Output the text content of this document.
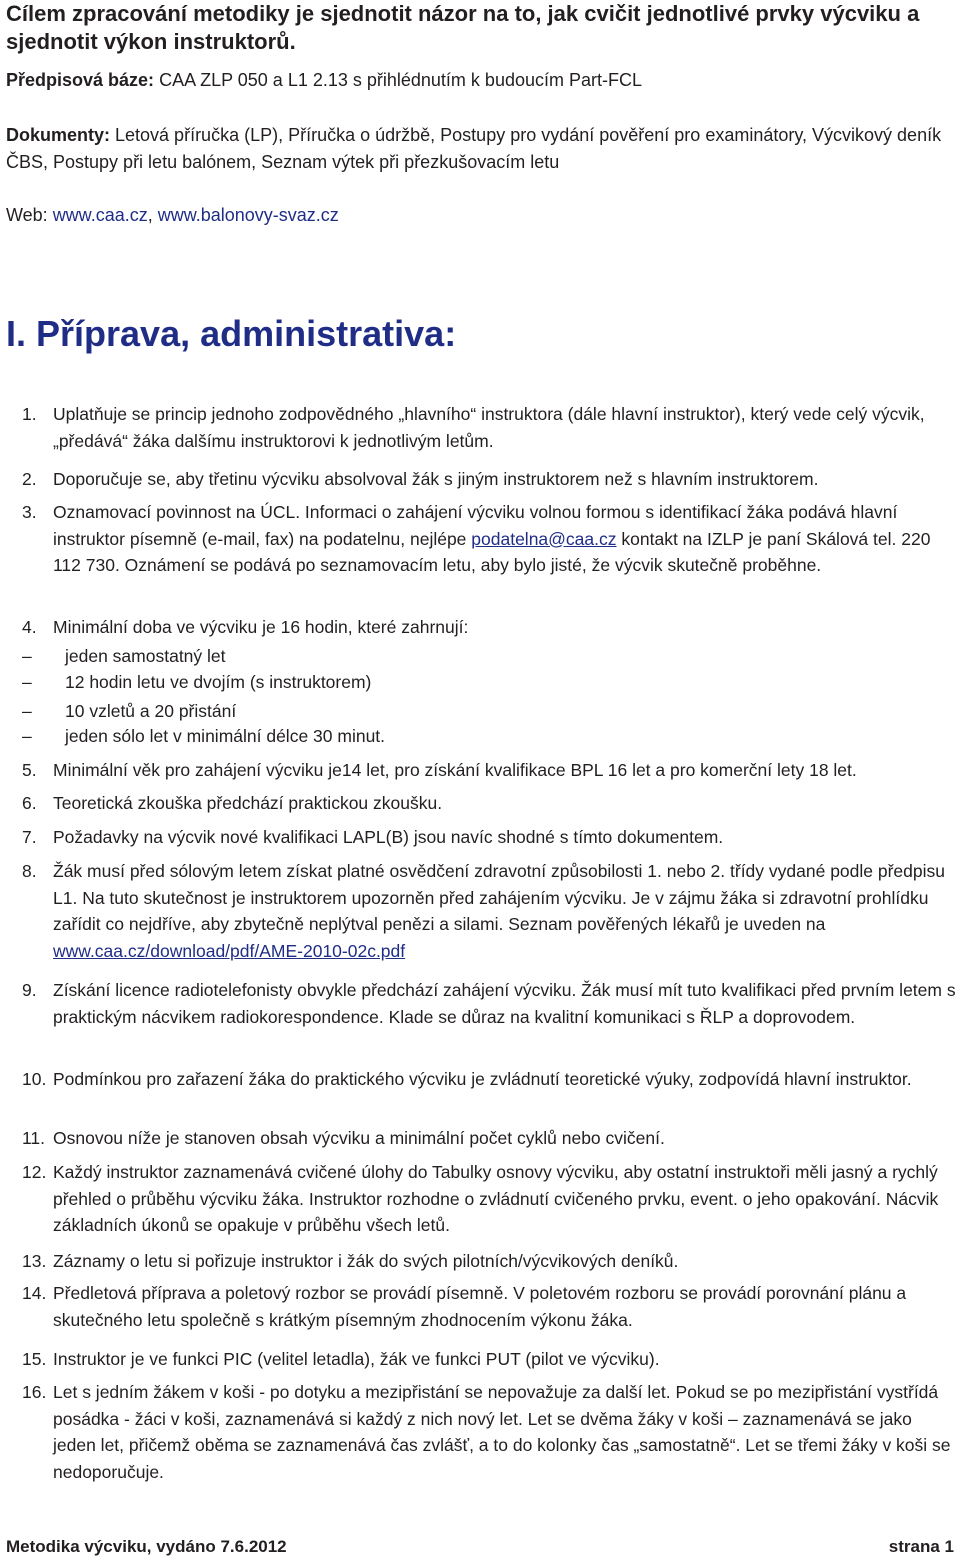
Cílem zpracování metodiky je sjednotit názor na to, jak cvičit jednotlivé prvky výcviku a sjednotit výkon instruktorů.

Předpisová báze: CAA ZLP 050 a L1 2.13 s přihlédnutím k budoucím Part-FCL

Dokumenty: Letová příručka (LP), Příručka o údržbě, Postupy pro vydání pověření pro examinátory, Výcvikový deník ČBS, Postupy při letu balónem, Seznam výtek při přezkušovacím letu

Web: www.caa.cz, www.balonovy-svaz.cz

I. Příprava, administrativa:
1. Uplatňuje se princip jednoho zodpovědného „hlavního“ instruktora (dále hlavní instruktor), který vede celý výcvik, „předává“ žáka dalšímu instruktorovi k jednotlivým letům.
2. Doporučuje se, aby třetinu výcviku absolvoval žák s jiným instruktorem než s hlavním instruktorem.
3. Oznamovací povinnost na ÚCL. Informaci o zahájení výcviku volnou formou s identifikací žáka podává hlavní instruktor písemně (e-mail, fax) na podatelnu, nejlépe podatelna@caa.cz kontakt na IZLP je paní Skálová tel. 220 112 730. Oznámení se podává po seznamovacím letu, aby bylo jisté, že výcvik skutečně proběhne.
4. Minimální doba ve výcviku je 16 hodin, které zahrnují:
– jeden samostatný let
– 12 hodin letu ve dvojím (s instruktorem)
– 10 vzletů a 20 přistání
– jeden sólo let v minimální délce 30 minut.
5. Minimální věk pro zahájení výcviku je14 let, pro získání kvalifikace BPL 16 let a pro komerční lety 18 let.
6. Teoretická zkouška předchází praktickou zkoušku.
7. Požadavky na výcvik nové kvalifikaci LAPL(B) jsou navíc shodné s tímto dokumentem.
8. Žák musí před sólovým letem získat platné osvědčení zdravotní způsobilosti 1. nebo 2. třídy vydané podle předpisu L1. Na tuto skutečnost je instruktorem upozorněn před zahájením výcviku. Je v zájmu žáka si zdravotní prohlídku zařídit co nejdříve, aby zbytečně neplýtval penězi a silami. Seznam pověřených lékařů je uveden na www.caa.cz/download/pdf/AME-2010-02c.pdf
9. Získání licence radiotelefonisty obvykle předchází zahájení výcviku. Žák musí mít tuto kvalifikaci před prvním letem s praktickým nácvikem radiokorespondence. Klade se důraz na kvalitní komunikaci s ŘLP a doprovodem.
10. Podmínkou pro zařazení žáka do praktického výcviku je zvládnutí teoretické výuky, zodpovídá hlavní instruktor.
11. Osnovou níže je stanoven obsah výcviku a minimální počet cyklů nebo cvičení.
12. Každý instruktor zaznamenává cvičené úlohy do Tabulky osnovy výcviku, aby ostatní instruktoři měli jasný a rychlý přehled o průběhu výcviku žáka. Instruktor rozhodne o zvládnutí cvičeného prvku, event. o jeho opakování. Nácvik základních úkonů se opakuje v průběhu všech letů.
13. Záznamy o letu si pořizuje instruktor i žák do svých pilotních/výcvikových deníků.
14. Předletová příprava a poletový rozbor se provádí písemně. V poletovém rozboru se provádí porovnání plánu a skutečného letu společně s krátkým písemným zhodnocením výkonu žáka.
15. Instruktor je ve funkci PIC (velitel letadla), žák ve funkci PUT (pilot ve výcviku).
16. Let s jedním žákem v koši - po dotyku a mezipřistání se nepovažuje za další let. Pokud se po mezipřistání vystřídá posádka - žáci v koši, zaznamenává si každý z nich nový let. Let se dvěma žáky v koši – zaznamenává se jako jeden let, přičemž oběma se zaznamenává čas zvlášť, a to do kolonky čas „samostatně“. Let se třemi žáky v koši se nedoporučuje.
Metodika výcviku, vydáno 7.6.2012	strana 1
